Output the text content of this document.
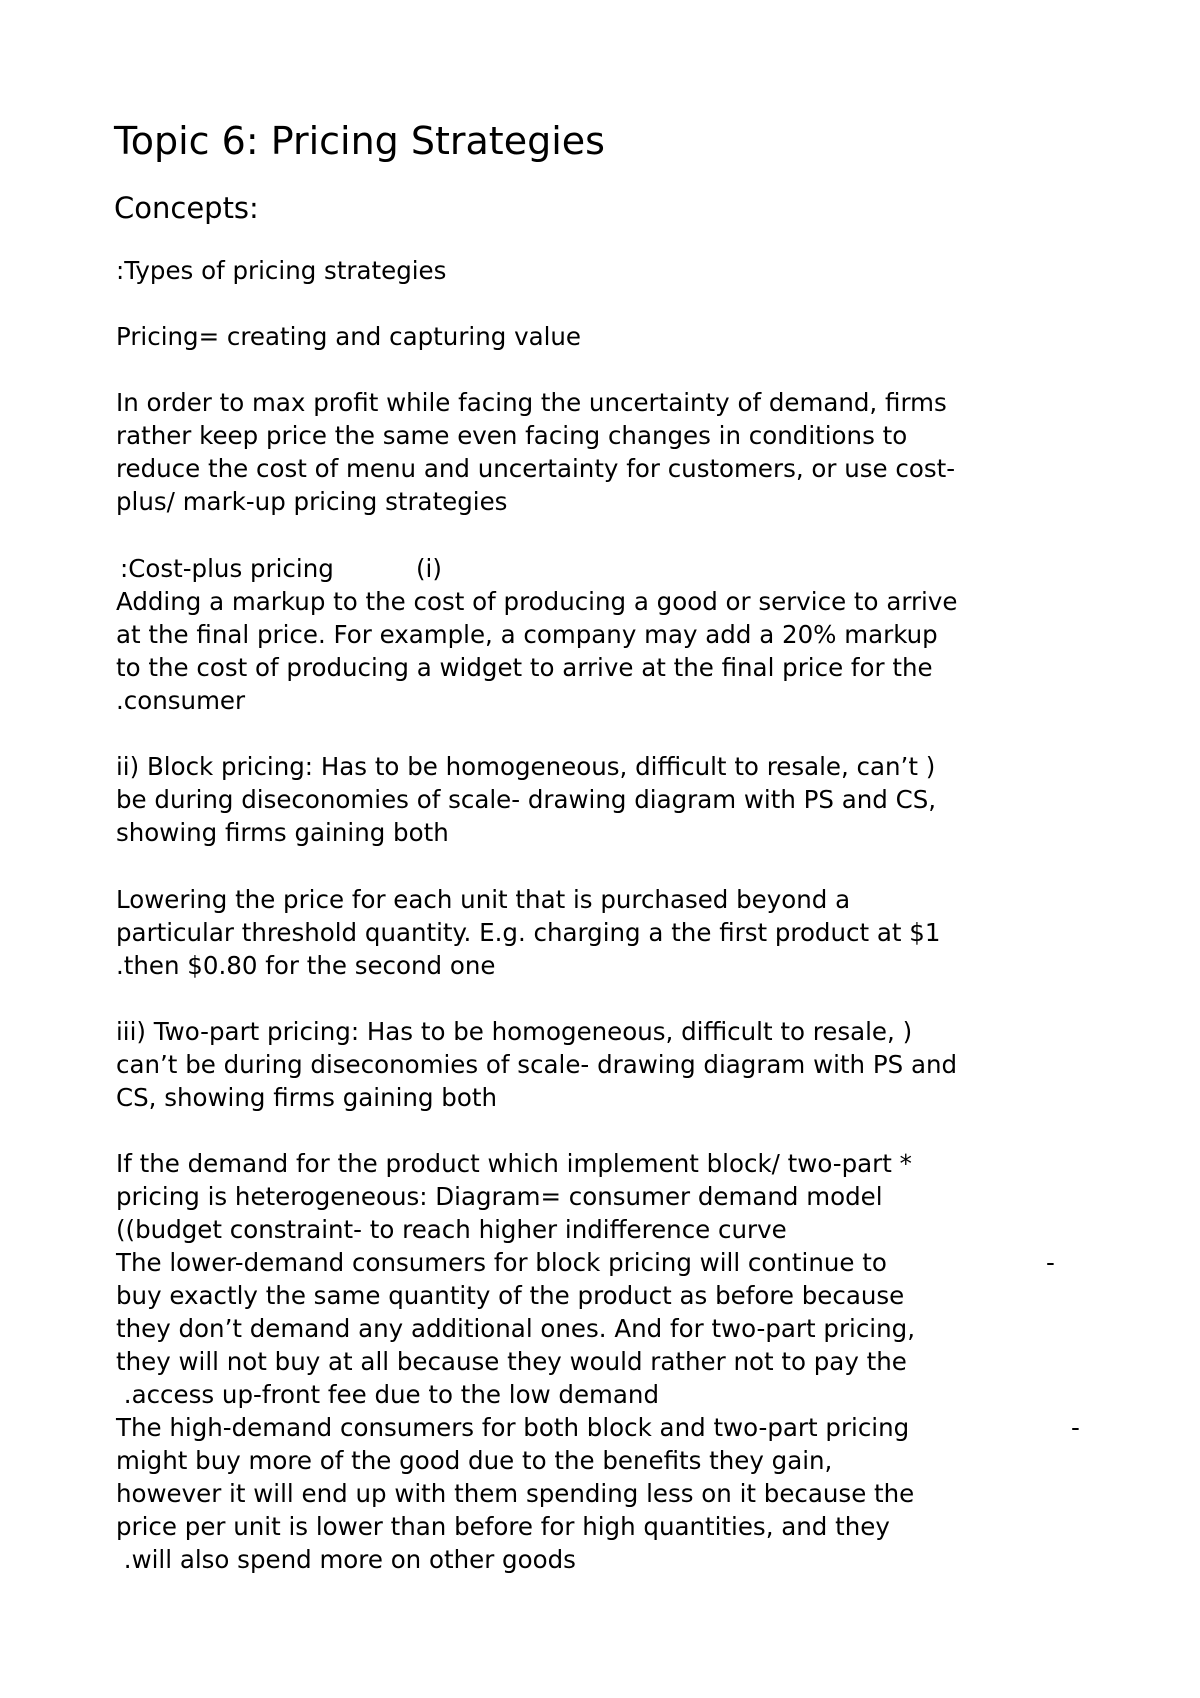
Topic 6: Pricing Strategies
Concepts:
:Types of pricing strategies
Pricing= creating and capturing value
In order to max profit while facing the uncertainty of demand, firms
rather keep price the same even facing changes in conditions to
reduce the cost of menu and uncertainty for customers, or use cost-
plus/ mark-up pricing strategies
:Cost-plus pricing	(i)
Adding a markup to the cost of producing a good or service to arrive
at the final price. For example, a company may add a 20% markup
to the cost of producing a widget to arrive at the final price for the
.consumer
ii) Block pricing: Has to be homogeneous, difficult to resale, can’t )
be during diseconomies of scale- drawing diagram with PS and CS,
showing firms gaining both
Lowering the price for each unit that is purchased beyond a
particular threshold quantity. E.g. charging a the first product at $1
.then $0.80 for the second one
iii) Two-part pricing: Has to be homogeneous, difficult to resale, )
can’t be during diseconomies of scale- drawing diagram with PS and
CS, showing firms gaining both
If the demand for the product which implement block/ two-part *
pricing is heterogeneous: Diagram= consumer demand model
((budget constraint- to reach higher indifference curve
The lower-demand consumers for block pricing will continue to	-
buy exactly the same quantity of the product as before because
they don’t demand any additional ones. And for two-part pricing,
they will not buy at all because they would rather not to pay the
.access up-front fee due to the low demand
The high-demand consumers for both block and two-part pricing	-
might buy more of the good due to the benefits they gain,
however it will end up with them spending less on it because the
price per unit is lower than before for high quantities, and they
.will also spend more on other goods
